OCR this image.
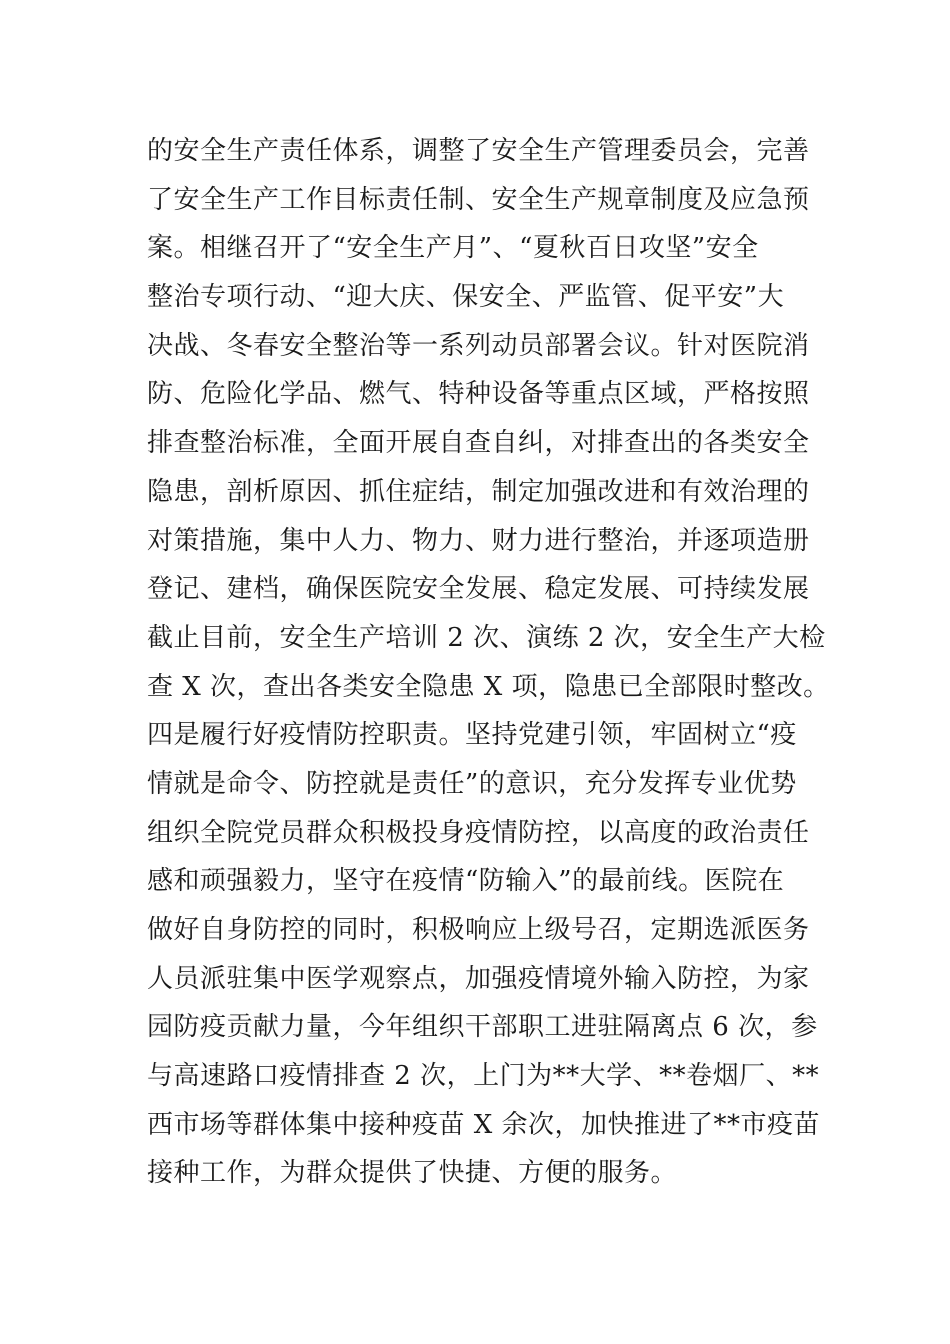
的安全生产责任体系，调整了安全生产管理委员会，完善
了安全生产工作目标责任制、安全生产规章制度及应急预
案。相继召开了“安全生产月”、“夏秋百日攻坚”安全
整治专项行动、“迎大庆、保安全、严监管、促平安”大
决战、冬春安全整治等一系列动员部署会议。针对医院消
防、危险化学品、燃气、特种设备等重点区域，严格按照
排查整治标准，全面开展自查自纠，对排查出的各类安全
隐患，剖析原因、抓住症结，制定加强改进和有效治理的
对策措施，集中人力、物力、财力进行整治，并逐项造册
登记、建档，确保医院安全发展、稳定发展、可持续发展
截止目前，安全生产培训 2 次、演练 2 次，安全生产大检
查 X 次，查出各类安全隐患 X 项，隐患已全部限时整改。
四是履行好疫情防控职责。坚持党建引领，牢固树立“疫
情就是命令、防控就是责任”的意识，充分发挥专业优势
组织全院党员群众积极投身疫情防控，以高度的政治责任
感和顽强毅力，坚守在疫情“防输入”的最前线。医院在
做好自身防控的同时，积极响应上级号召，定期选派医务
人员派驻集中医学观察点，加强疫情境外输入防控，为家
园防疫贡献力量，今年组织干部职工进驻隔离点 6 次，参
与高速路口疫情排查 2 次，上门为**大学、**卷烟厂、**
西市场等群体集中接种疫苗 X 余次，加快推进了**市疫苗
接种工作，为群众提供了快捷、方便的服务。
